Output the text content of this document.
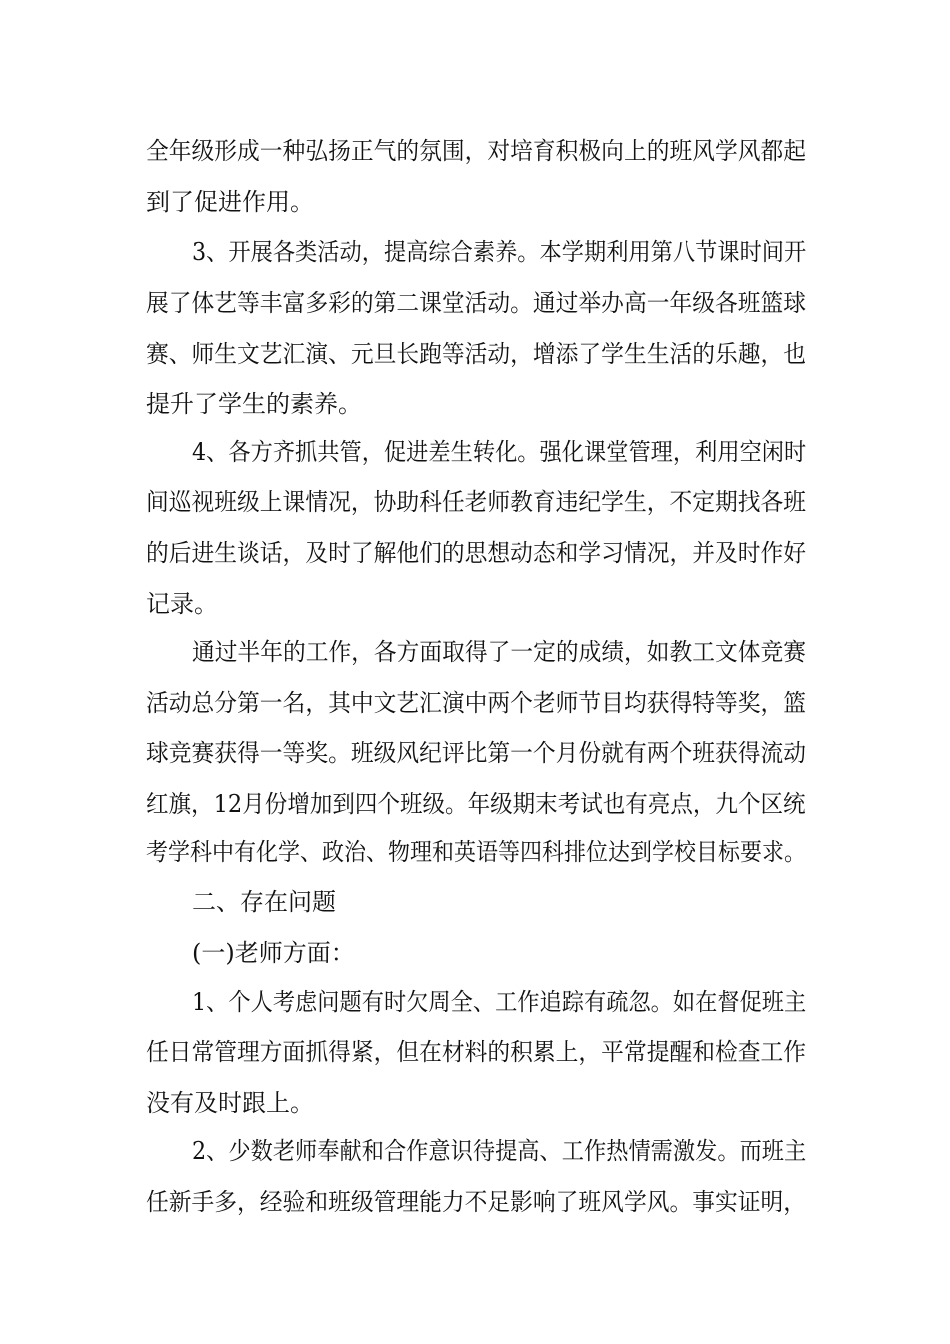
全年级形成一种弘扬正气的氛围，对培育积极向上的班风学风都起
到了促进作用。
3、开展各类活动，提高综合素养。本学期利用第八节课时间开
展了体艺等丰富多彩的第二课堂活动。通过举办高一年级各班篮球
赛、师生文艺汇演、元旦长跑等活动，增添了学生生活的乐趣，也
提升了学生的素养。
4、各方齐抓共管，促进差生转化。强化课堂管理，利用空闲时
间巡视班级上课情况，协助科任老师教育违纪学生，不定期找各班
的后进生谈话，及时了解他们的思想动态和学习情况，并及时作好
记录。
通过半年的工作，各方面取得了一定的成绩，如教工文体竞赛
活动总分第一名，其中文艺汇演中两个老师节目均获得特等奖，篮
球竞赛获得一等奖。班级风纪评比第一个月份就有两个班获得流动
红旗，12月份增加到四个班级。年级期末考试也有亮点，九个区统
考学科中有化学、政治、物理和英语等四科排位达到学校目标要求。
二、存在问题
(一)老师方面：
1、个人考虑问题有时欠周全、工作追踪有疏忽。如在督促班主
任日常管理方面抓得紧，但在材料的积累上，平常提醒和检查工作
没有及时跟上。
2、少数老师奉献和合作意识待提高、工作热情需激发。而班主
任新手多，经验和班级管理能力不足影响了班风学风。事实证明，
